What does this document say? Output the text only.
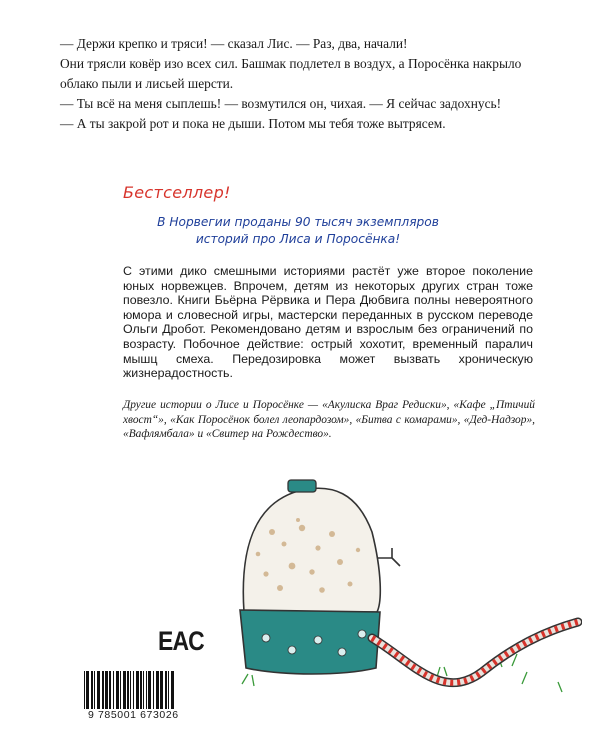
— Держи крепко и тряси! — сказал Лис. — Раз, два, начали!

Они трясли ковёр изо всех сил. Башмак подлетел в воздух, а Поросёнка накрыло облако пыли и лисьей шерсти.

— Ты всё на меня сыплешь! — возмутился он, чихая. — Я сейчас задохнусь!

— А ты закрой рот и пока не дыши. Потом мы тебя тоже вытрясем.

Бестселлер!
В Норвегии проданы 90 тысяч экземпляров историй про Лиса и Поросёнка!

С этими дико смешными историями растёт уже второе поколение юных норвежцев. Впрочем, детям из некоторых других стран тоже повезло. Книги Бьёрна Рёрвика и Пера Дюбвига полны невероятного юмора и словесной игры, мастерски переданных в русском переводе Ольги Дробот. Рекомендовано детям и взрослым без ограничений по возрасту. Побочное действие: острый хохотит, временный паралич мышц смеха. Передозировка может вызвать хроническую жизнерадостность.

Другие истории о Лисе и Поросёнке — «Акулиска Враг Редиски», «Кафе „Птичий хвост“», «Как Поросёнок болел леопардозом», «Битва с комарами», «Дед-Надзор», «Вафлямбала» и «Свитер на Рождество».
EAC
9 785001 673026
